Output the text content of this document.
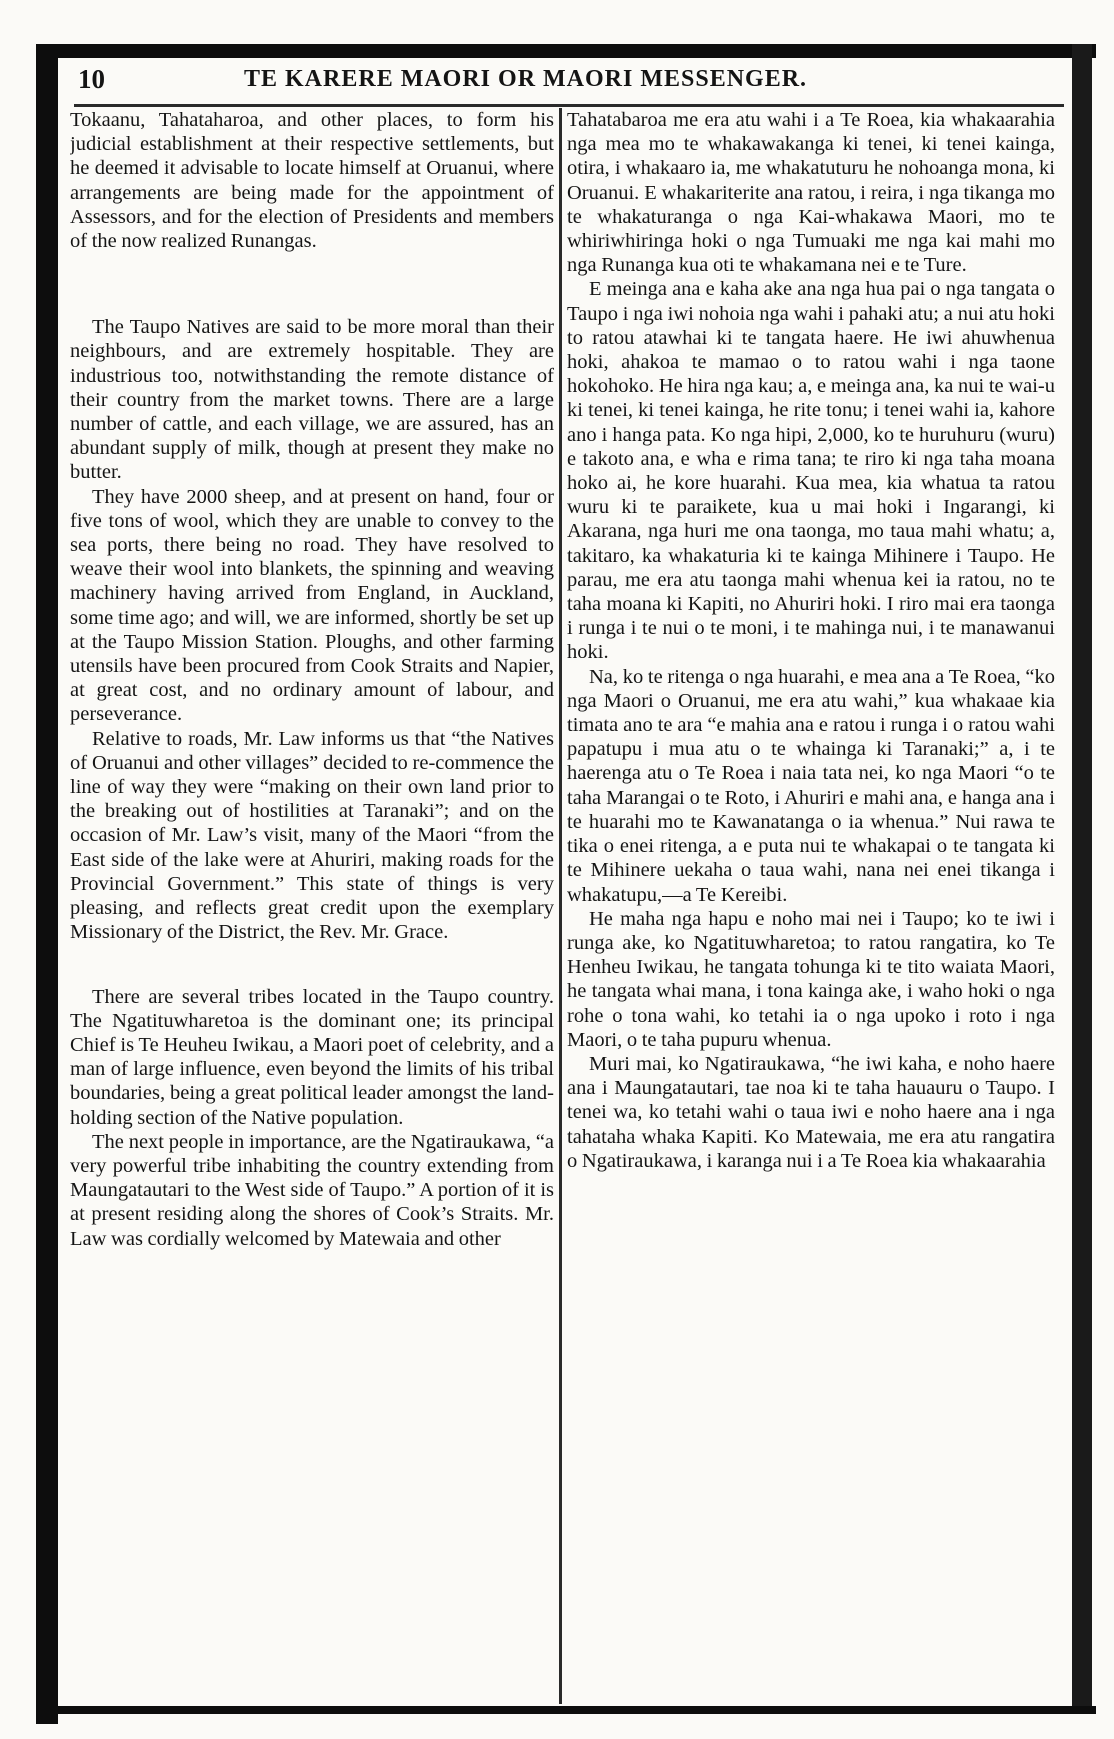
10	TE KARERE MAORI OR MAORI MESSENGER.

Tokaanu, Tahataharoa, and other places, to form his judicial establishment at their respective settlements, but he deemed it advisable to locate himself at Oruanui, where arrangements are being made for the appointment of Assessors, and for the election of Presidents and members of the now realized Runangas.

The Taupo Natives are said to be more moral than their neighbours, and are extremely hospitable. They are industrious too, notwithstanding the remote distance of their country from the market towns. There are a large number of cattle, and each village, we are assured, has an abundant supply of milk, though at present they make no butter.

They have 2000 sheep, and at present on hand, four or five tons of wool, which they are unable to convey to the sea ports, there being no road. They have resolved to weave their wool into blankets, the spinning and weaving machinery having arrived from England, in Auckland, some time ago; and will, we are informed, shortly be set up at the Taupo Mission Station. Ploughs, and other farming utensils have been procured from Cook Straits and Napier, at great cost, and no ordinary amount of labour, and perseverance.

Relative to roads, Mr. Law informs us that “the Natives of Oruanui and other villages” decided to re-commence the line of way they were “making on their own land prior to the breaking out of hostilities at Taranaki”; and on the occasion of Mr. Law’s visit, many of the Maori “from the East side of the lake were at Ahuriri, making roads for the Provincial Government.” This state of things is very pleasing, and reflects great credit upon the exemplary Missionary of the District, the Rev. Mr. Grace.

There are several tribes located in the Taupo country. The Ngatituwharetoa is the dominant one; its principal Chief is Te Heuheu Iwikau, a Maori poet of celebrity, and a man of large influence, even beyond the limits of his tribal boundaries, being a great political leader amongst the land-holding section of the Native population.

The next people in importance, are the Ngatiraukawa, “a very powerful tribe inhabiting the country extending from Maungatautari to the West side of Taupo.” A portion of it is at present residing along the shores of Cook’s Straits. Mr. Law was cordially welcomed by Matewaia and other

Tahatabaroa me era atu wahi i a Te Roea, kia whakaarahia nga mea mo te whakawakanga ki tenei, ki tenei kainga, otira, i whakaaro ia, me whakatuturu he nohoanga mona, ki Oruanui. E whakariterite ana ratou, i reira, i nga tikanga mo te whakaturanga o nga Kai-whakawa Maori, mo te whiriwhiringa hoki o nga Tumuaki me nga kai mahi mo nga Runanga kua oti te whakamana nei e te Ture.

E meinga ana e kaha ake ana nga hua pai o nga tangata o Taupo i nga iwi nohoia nga wahi i pahaki atu; a nui atu hoki to ratou atawhai ki te tangata haere. He iwi ahuwhenua hoki, ahakoa te mamao o to ratou wahi i nga taone hokohoko. He hira nga kau; a, e meinga ana, ka nui te wai-u ki tenei, ki tenei kainga, he rite tonu; i tenei wahi ia, kahore ano i hanga pata. Ko nga hipi, 2,000, ko te huruhuru (wuru) e takoto ana, e wha e rima tana; te riro ki nga taha moana hoko ai, he kore huarahi. Kua mea, kia whatua ta ratou wuru ki te paraikete, kua u mai hoki i Ingarangi, ki Akarana, nga huri me ona taonga, mo taua mahi whatu; a, takitaro, ka whakaturia ki te kainga Mihinere i Taupo. He parau, me era atu taonga mahi whenua kei ia ratou, no te taha moana ki Kapiti, no Ahuriri hoki. I riro mai era taonga i runga i te nui o te moni, i te mahinga nui, i te manawanui hoki.

Na, ko te ritenga o nga huarahi, e mea ana a Te Roea, “ko nga Maori o Oruanui, me era atu wahi,” kua whakaae kia timata ano te ara “e mahia ana e ratou i runga i o ratou wahi papatupu i mua atu o te whainga ki Taranaki;” a, i te haerenga atu o Te Roea i naia tata nei, ko nga Maori “o te taha Marangai o te Roto, i Ahuriri e mahi ana, e hanga ana i te huarahi mo te Kawanatanga o ia whenua.” Nui rawa te tika o enei ritenga, a e puta nui te whakapai o te tangata ki te Mihinere uekaha o taua wahi, nana nei enei tikanga i whakatupu,—a Te Kereibi.

He maha nga hapu e noho mai nei i Taupo; ko te iwi i runga ake, ko Ngatituwharetoa; to ratou rangatira, ko Te Henheu Iwikau, he tangata tohunga ki te tito waiata Maori, he tangata whai mana, i tona kainga ake, i waho hoki o nga rohe o tona wahi, ko tetahi ia o nga upoko i roto i nga Maori, o te taha pupuru whenua.

Muri mai, ko Ngatiraukawa, “he iwi kaha, e noho haere ana i Maungatautari, tae noa ki te taha hauauru o Taupo. I tenei wa, ko tetahi wahi o taua iwi e noho haere ana i nga tahataha whaka Kapiti. Ko Matewaia, me era atu rangatira o Ngatiraukawa, i karanga nui i a Te Roea kia whakaarahia
